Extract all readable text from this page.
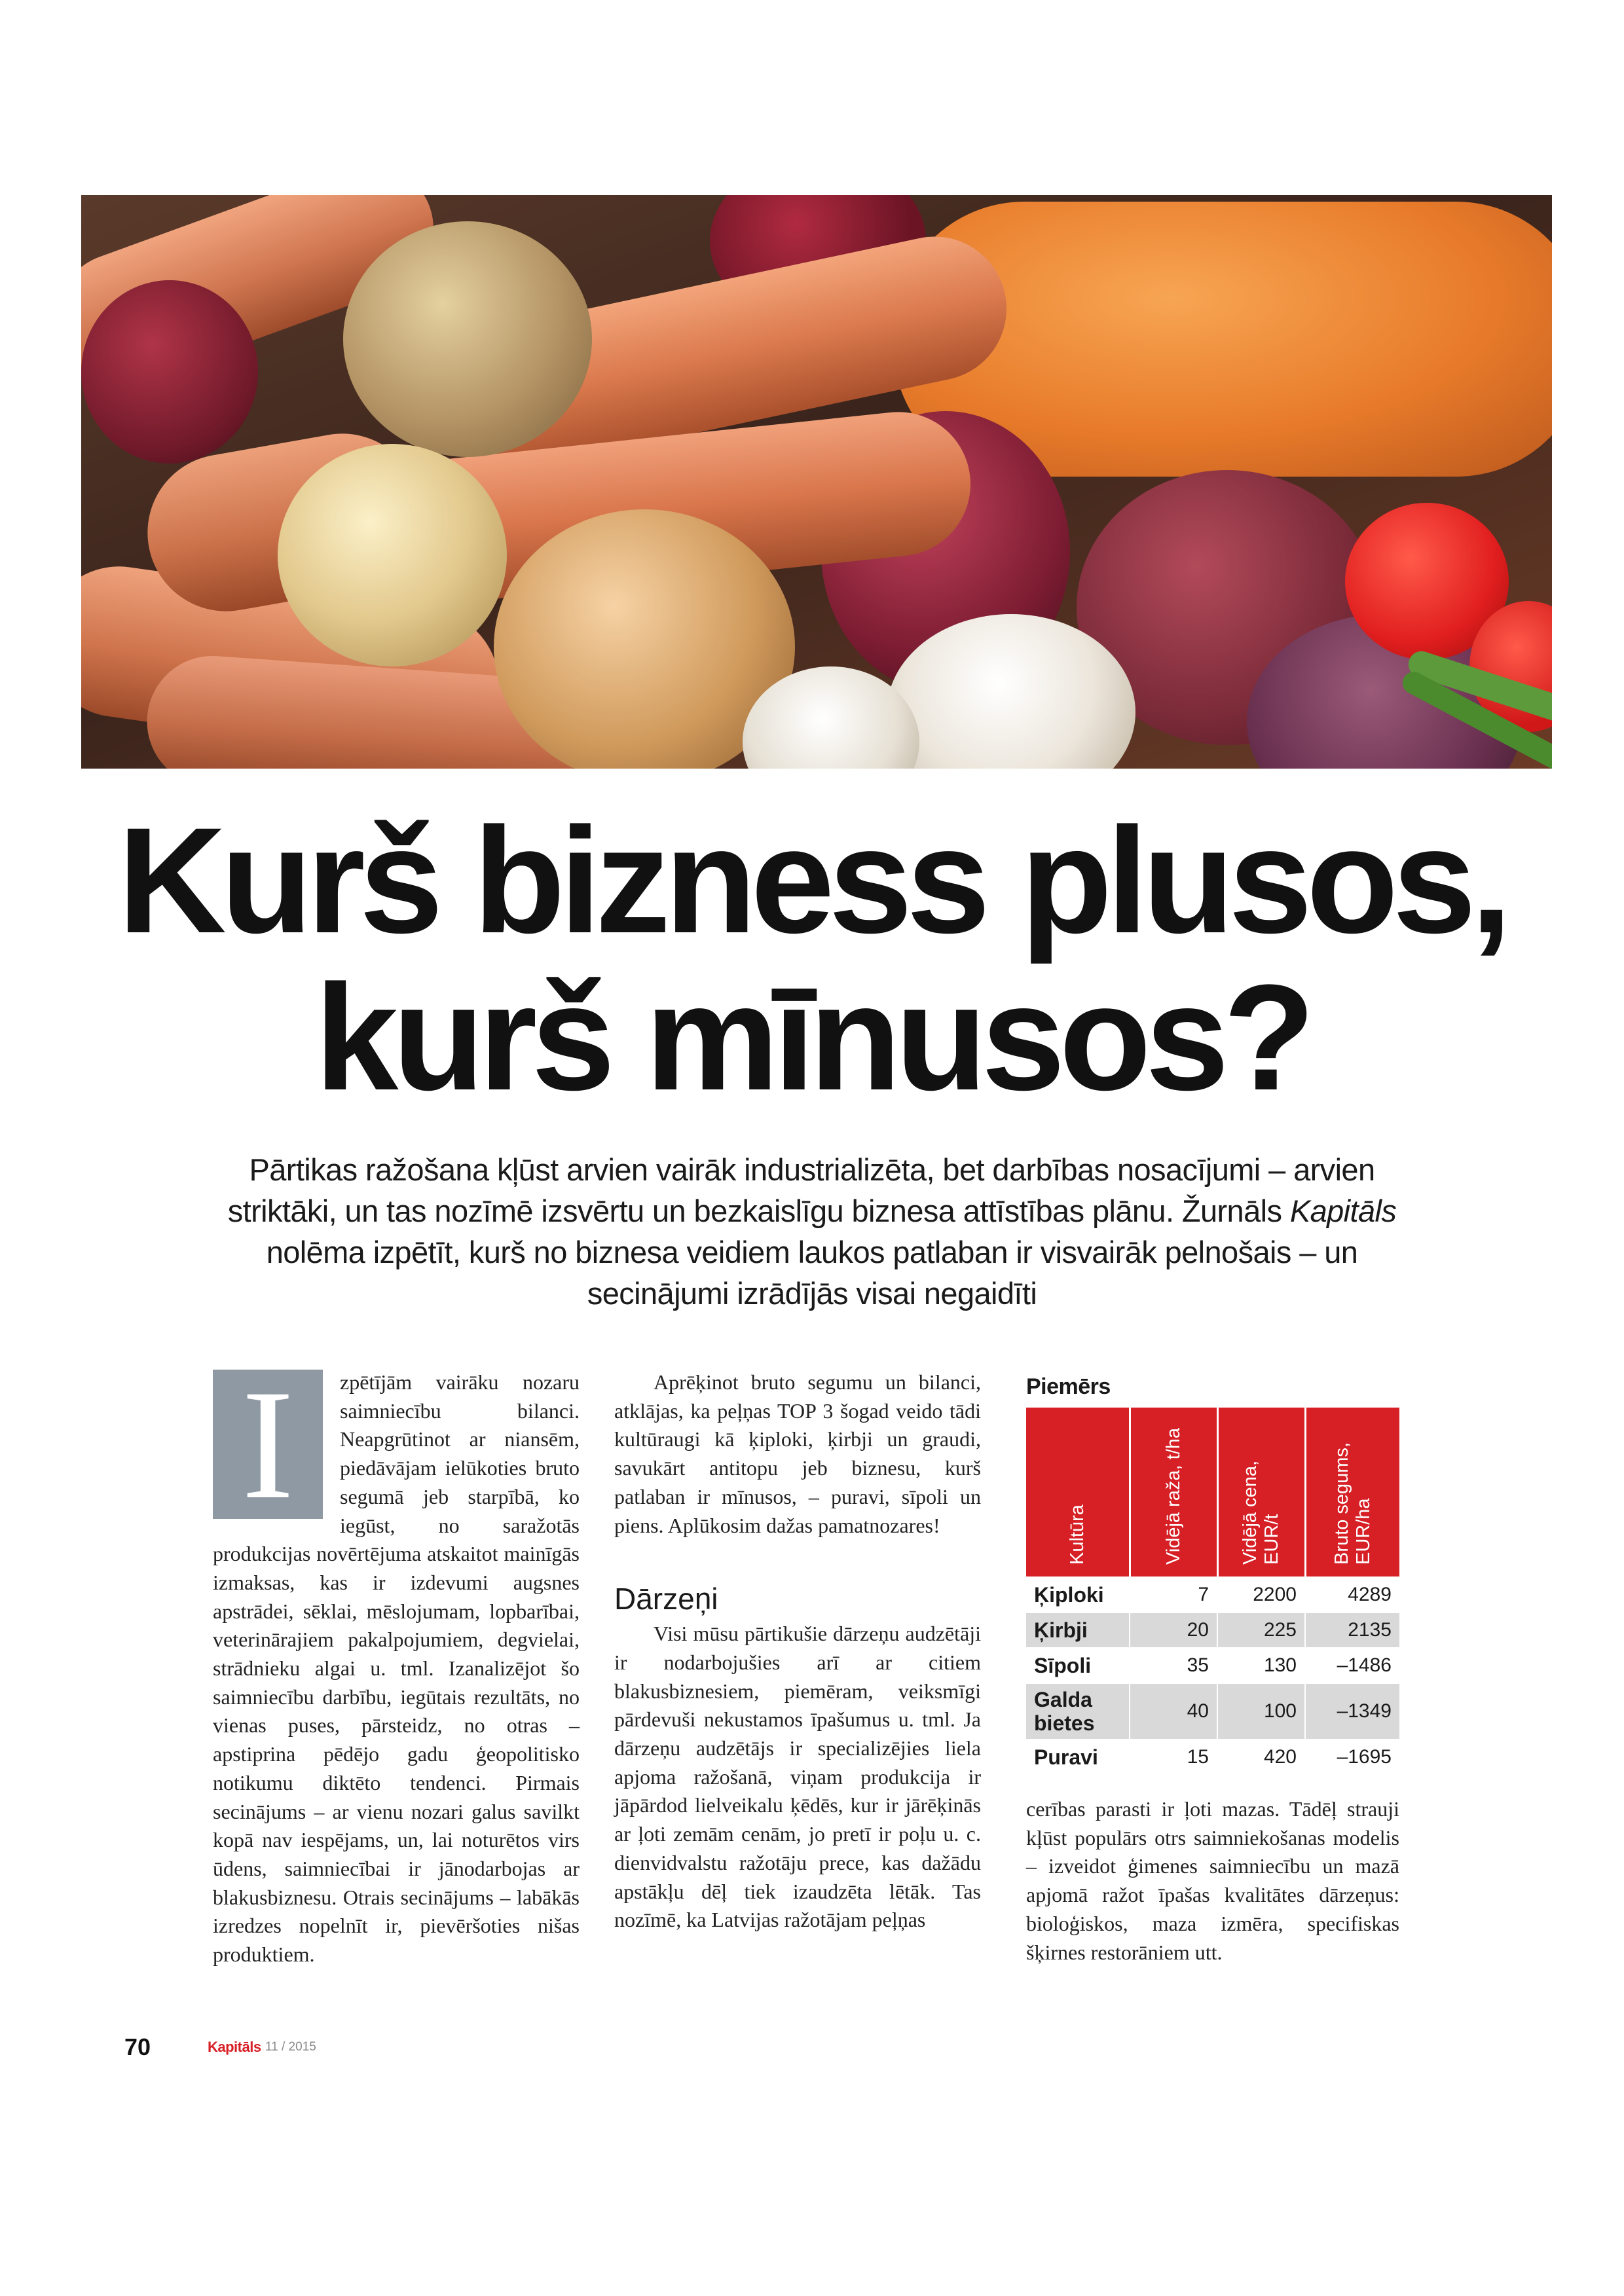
Kurš bizness plusos,
kurš mīnusos?

Pārtikas ražošana kļūst arvien vairāk industrializēta, bet darbības nosacījumi – arvien striktāki, un tas nozīmē izsvērtu un bezkaislīgu biznesa attīstības plānu. Žurnāls Kapitāls nolēma izpētīt, kurš no biznesa veidiem laukos patlaban ir visvairāk pelnošais – un secinājumi izrādījās visai negaidīti

I	zpētījām vairāku nozaru saimniecību bilanci. Neapgrūtinot ar niansēm, piedāvājam ielūkoties bruto segumā jeb starpībā, ko iegūst, no saražotās produkcijas novērtējuma atskaitot mainīgās izmaksas, kas ir izdevumi augsnes apstrādei, sēklai, mēslojumam, lopbarībai, veterinārajiem pakalpojumiem, degvielai, strādnieku algai u. tml. Izanalizējot šo saimniecību darbību, iegūtais rezultāts, no vienas puses, pārsteidz, no otras – apstiprina pēdējo gadu ģeopolitisko notikumu diktēto tendenci. Pirmais secinājums – ar vienu nozari galus savilkt kopā nav iespējams, un, lai noturētos virs ūdens, saimniecībai ir jānodarbojas ar blakusbiznesu. Otrais secinājums – labākās izredzes nopelnīt ir, pievēršoties nišas produktiem.

Aprēķinot bruto segumu un bilanci, atklājas, ka peļņas TOP 3 šogad veido tādi kultūraugi kā ķiploki, ķirbji un graudi, savukārt antitopu jeb biznesu, kurš patlaban ir mīnusos, – puravi, sīpoli un piens. Aplūkosim dažas pamatnozares!

Dārzeņi

Visi mūsu pārtikušie dārzeņu audzētāji ir nodarbojušies arī ar citiem blakusbiznesiem, piemēram, veiksmīgi pārdevuši nekustamos īpašumus u. tml. Ja dārzeņu audzētājs ir specializējies liela apjoma ražošanā, viņam produkcija ir jāpārdod lielveikalu ķēdēs, kur ir jārēķinās ar ļoti zemām cenām, jo pretī ir poļu u. c. dienvidvalstu ražotāju prece, kas dažādu apstākļu dēļ tiek izaudzēta lētāk. Tas nozīmē, ka Latvijas ražotājam peļņas

Piemērs
Kultūra	Vidējā raža, t/ha	Vidējā cena, EUR/t	Bruto segums, EUR/ha

Ķiploki	7	2200	4289
Ķirbji	20	225	2135
Sīpoli	35	130	–1486
Galda bietes	40	100	–1349
Puravi	15	420	–1695

cerības parasti ir ļoti mazas. Tādēļ strauji kļūst populārs otrs saimniekošanas modelis – izveidot ģimenes saimniecību un mazā apjomā ražot īpašas kvalitātes dārzeņus: bioloģiskos, maza izmēra, specifiskas šķirnes restorāniem utt.

70	Kapitāls 11 / 2015
